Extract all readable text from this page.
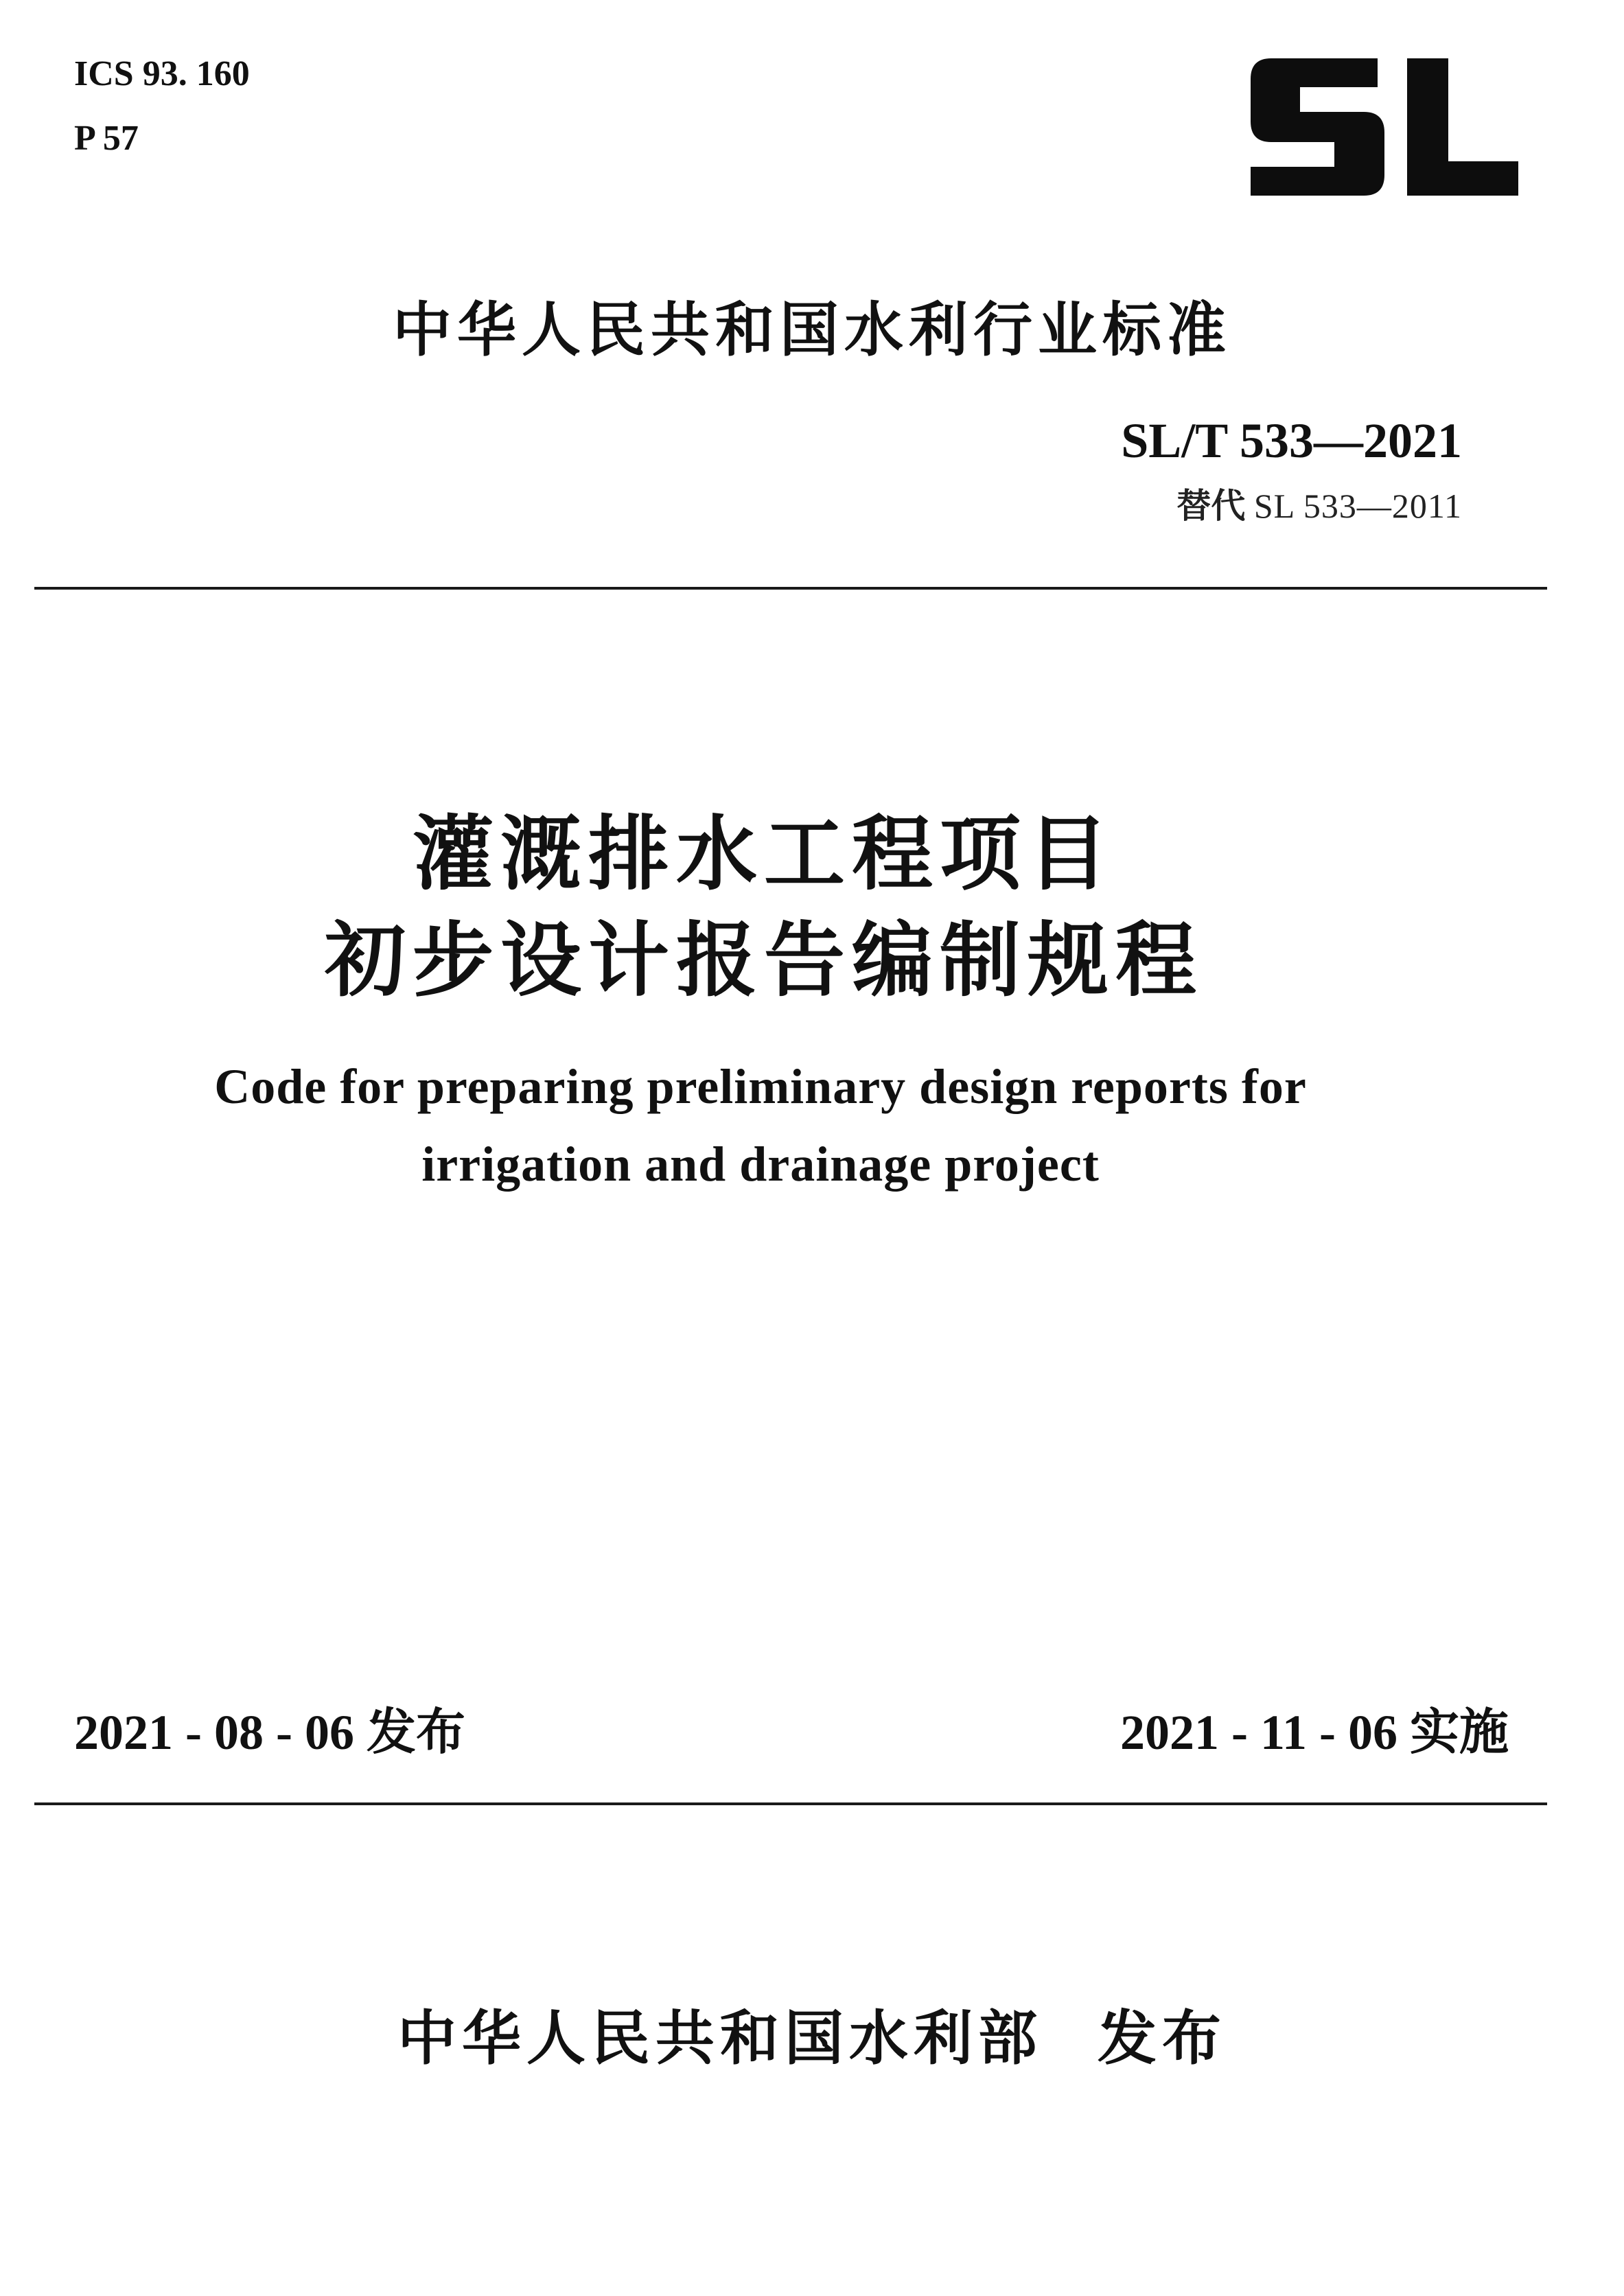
ICS 93. 160
P 57
中华人民共和国水利行业标准
SL/T 533—2021
替代 SL 533—2011
灌溉排水工程项目
初步设计报告编制规程
Code for preparing preliminary design reports for
irrigation and drainage project
2021 - 08 - 06 发布	2021 - 11 - 06 实施
中华人民共和国水利部 发布
